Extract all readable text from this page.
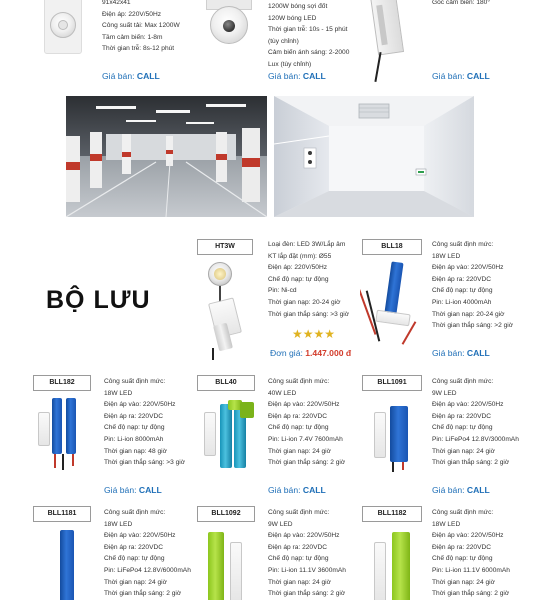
91x42x41
Điện áp: 220V/50Hz
Công suất tải: Max 1200W
Tầm cảm biến: 1-8m
Thời gian trễ: 8s-12 phút
Giá bán: CALL
1200W bóng sợi đốt
120W bóng LED
Thời gian trễ: 10s - 15 phút
(tùy chỉnh)
Cảm biến ánh sáng: 2-2000
Lux (tùy chỉnh)
Giá bán: CALL
Góc cảm biến: 180°
Giá bán: CALL
BỘ LƯU
HT3W	Loại đèn: LED 3W/Lắp âm
KT lắp đặt (mm): Ø55
Điện áp: 220V/50Hz
Chế độ nạp: tự động
Pin: Ni-cd
Thời gian nạp: 20-24 giờ
Thời gian thắp sáng: >3 giờ
★★★★
Đơn giá: 1.447.000 đ
BLL18	Công suất định mức:
18W LED
Điện áp vào: 220V/50Hz
Điện áp ra: 220VDC
Chế độ nạp: tự động
Pin: Li-ion 4000mAh
Thời gian nạp: 20-24 giờ
Thời gian thắp sáng: >2 giờ
Giá bán: CALL
BLL182	Công suất định mức:
18W LED
Điện áp vào: 220V/50Hz
Điện áp ra: 220VDC
Chế độ nạp: tự động
Pin: Li-ion 8000mAh
Thời gian nạp: 48 giờ
Thời gian thắp sáng: >3 giờ
Giá bán: CALL
BLL40	Công suất định mức:
40W LED
Điện áp vào: 220V/50Hz
Điện áp ra: 220VDC
Chế độ nạp: tự động
Pin: Li-ion 7.4V 7600mAh
Thời gian nạp: 24 giờ
Thời gian thắp sáng: 2 giờ
Giá bán: CALL
BLL1091	Công suất định mức:
9W LED
Điện áp vào: 220V/50Hz
Điện áp ra: 220VDC
Chế độ nạp: tự động
Pin: LiFePo4 12.8V/3000mAh
Thời gian nạp: 24 giờ
Thời gian thắp sáng: 2 giờ
Giá bán: CALL
BLL1181	Công suất định mức:
18W LED
Điện áp vào: 220V/50Hz
Điện áp ra: 220VDC
Chế độ nạp: tự động
Pin: LiFePo4 12.8V/6000mAh
Thời gian nạp: 24 giờ
Thời gian thắp sáng: 2 giờ
BLL1092	Công suất định mức:
9W LED
Điện áp vào: 220V/50Hz
Điện áp ra: 220VDC
Chế độ nạp: tự động
Pin: Li-ion 11.1V 3600mAh
Thời gian nạp: 24 giờ
Thời gian thắp sáng: 2 giờ
BLL1182	Công suất định mức:
18W LED
Điện áp vào: 220V/50Hz
Điện áp ra: 220VDC
Chế độ nạp: tự động
Pin: Li-ion 11.1V 6000mAh
Thời gian nạp: 24 giờ
Thời gian thắp sáng: 2 giờ
